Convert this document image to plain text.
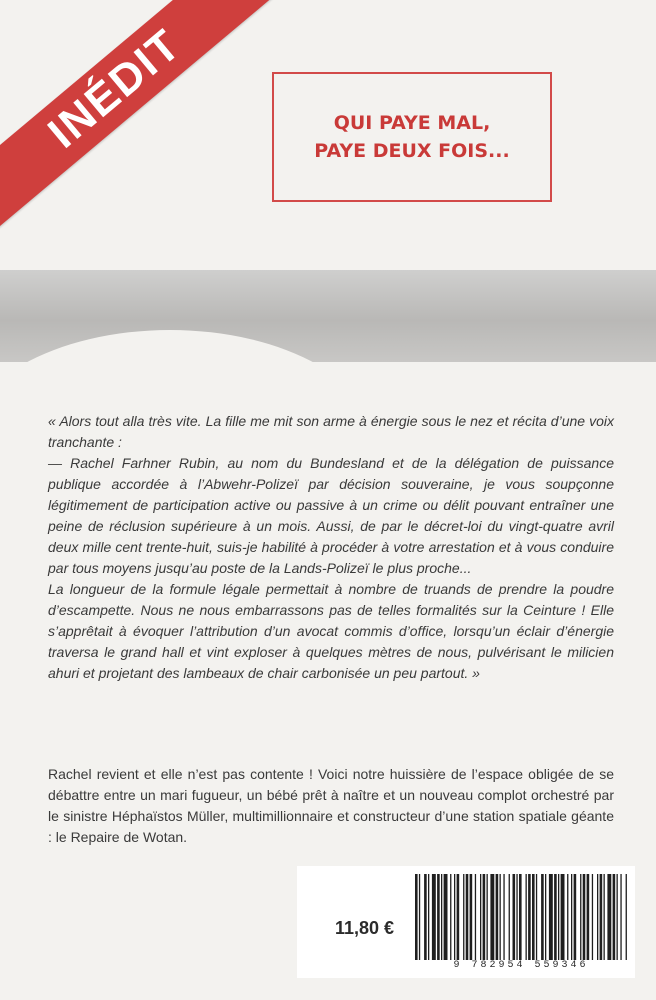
INÉDIT	QUI PAYE MAL,
PAYE DEUX FOIS...

« Alors tout alla très vite. La fille me mit son arme à énergie sous le nez et récita d’une voix tranchante :

— Rachel Farhner Rubin, au nom du Bundesland et de la délégation de puissance publique accordée à l’Abwehr-Polizeï par décision souveraine, je vous soupçonne légitimement de participation active ou passive à un crime ou délit pouvant entraîner une peine de réclusion supérieure à un mois. Aussi, de par le décret-loi du vingt-quatre avril deux mille cent trente-huit, suis-je habilité à procéder à votre arrestation et à vous conduire par tous moyens jusqu’au poste de la Lands-Polizeï le plus proche...

La longueur de la formule légale permettait à nombre de truands de prendre la poudre d’escampette. Nous ne nous embarrassons pas de telles formalités sur la Ceinture ! Elle s’apprêtait à évoquer l’attribution d’un avocat commis d’office, lorsqu’un éclair d’énergie traversa le grand hall et vint exploser à quelques mètres de nous, pulvérisant le milicien ahuri et projetant des lambeaux de chair carbonisée un peu partout. »

Rachel revient et elle n’est pas contente ! Voici notre huissière de l’espace obligée de se débattre entre un mari fugueur, un bébé prêt à naître et un nouveau complot orchestré par le sinistre Héphaïstos Müller, multimillionnaire et constructeur d’une station spatiale géante : le Repaire de Wotan.

11,80 €
9 782954 559346
